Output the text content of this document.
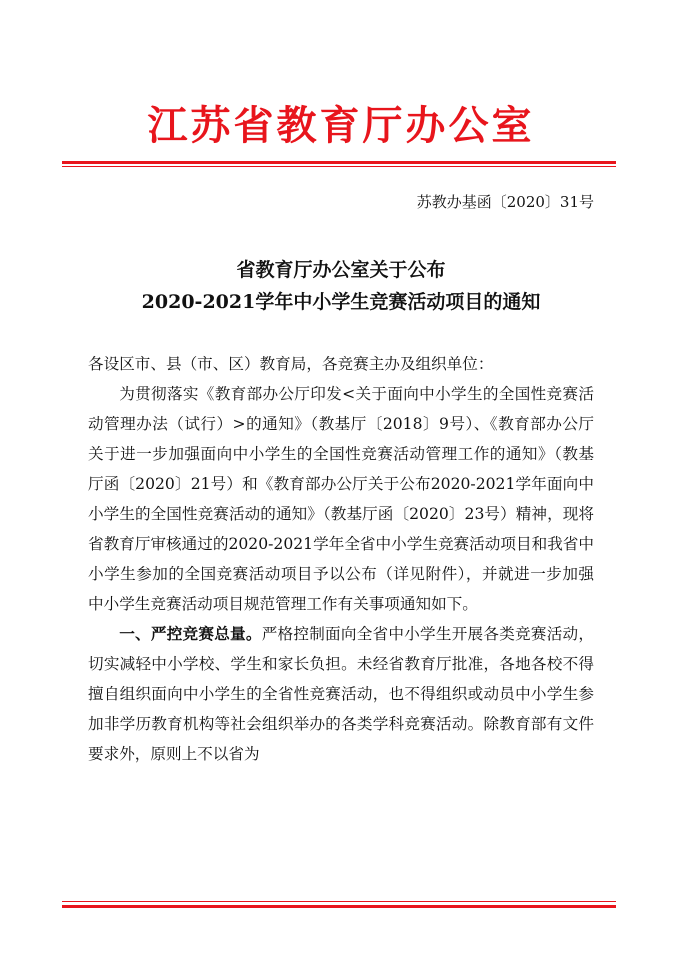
江苏省教育厅办公室
苏教办基函〔2020〕31号
省教育厅办公室关于公布
2020-2021学年中小学生竞赛活动项目的通知

各设区市、县（市、区）教育局，各竞赛主办及组织单位：

为贯彻落实《教育部办公厅印发<关于面向中小学生的全国性竞赛活动管理办法（试行）>的通知》（教基厅〔2018〕9号）、《教育部办公厅关于进一步加强面向中小学生的全国性竞赛活动管理工作的通知》（教基厅函〔2020〕21号）和《教育部办公厅关于公布2020-2021学年面向中小学生的全国性竞赛活动的通知》（教基厅函〔2020〕23号）精神，现将省教育厅审核通过的2020-2021学年全省中小学生竞赛活动项目和我省中小学生参加的全国竞赛活动项目予以公布（详见附件），并就进一步加强中小学生竞赛活动项目规范管理工作有关事项通知如下。

一、严控竞赛总量。严格控制面向全省中小学生开展各类竞赛活动，切实减轻中小学校、学生和家长负担。未经省教育厅批准，各地各校不得擅自组织面向中小学生的全省性竞赛活动，也不得组织或动员中小学生参加非学历教育机构等社会组织举办的各类学科竞赛活动。除教育部有文件要求外，原则上不以省为
